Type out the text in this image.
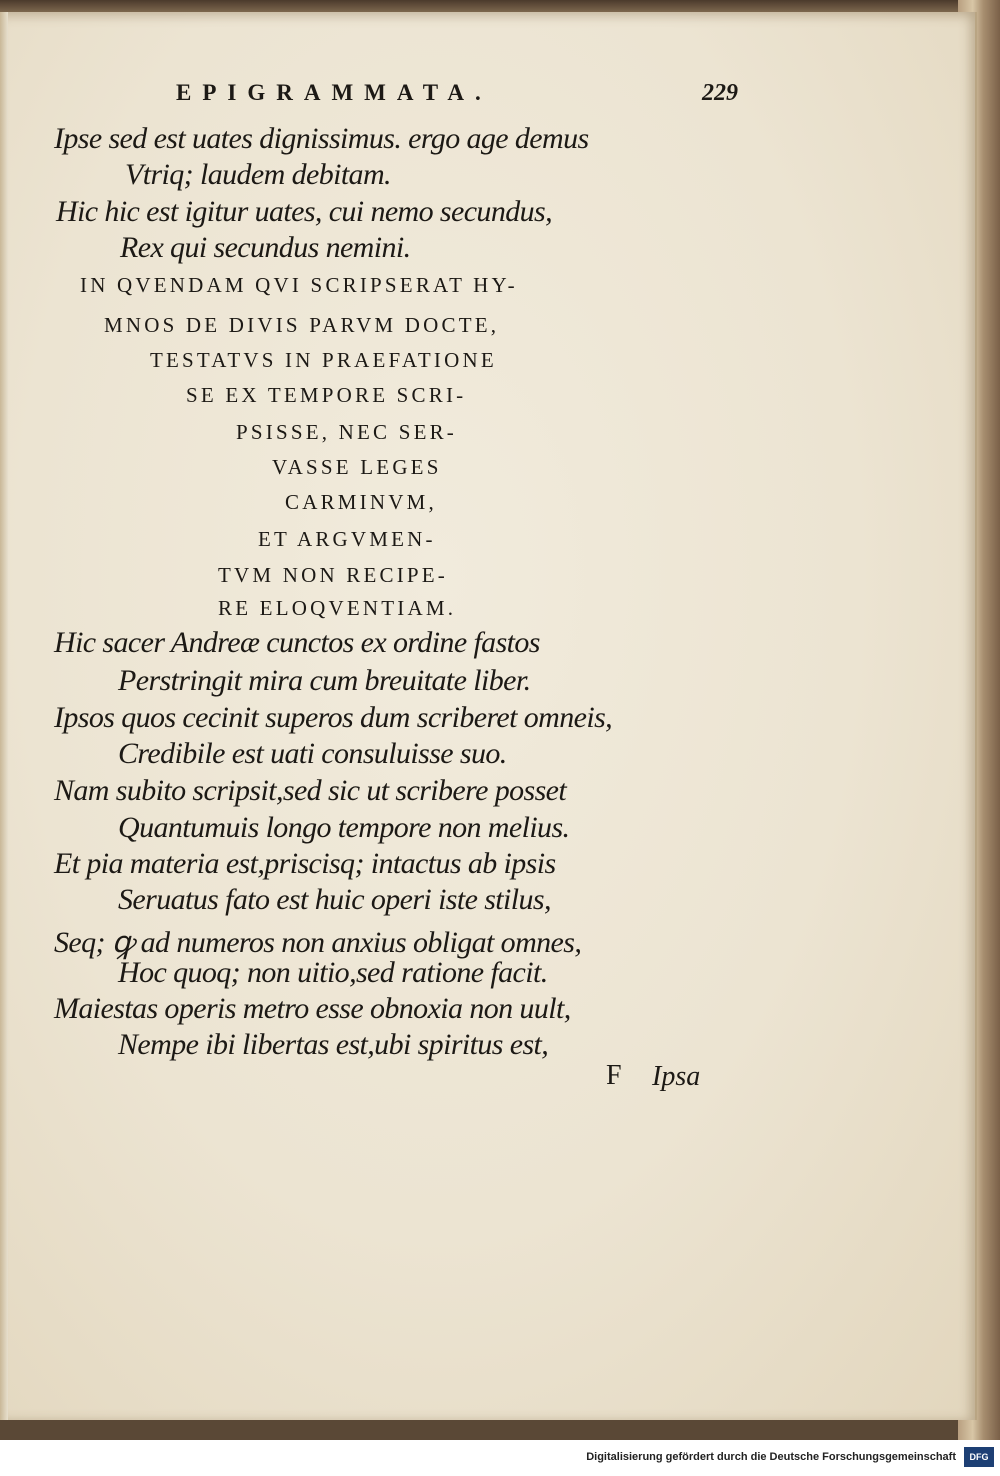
EPIGRAMMATA.	229
Ipse sed est uates dignissimus. ergo age demus
Vtriq; laudem debitam.
Hic hic est igitur uates, cui nemo secundus,
Rex qui secundus nemini.
IN QVENDAM QVI SCRIPSERAT HY-
MNOS DE DIVIS PARVM DOCTE,
TESTATVS IN PRAEFATIONE
SE EX TEMPORE SCRI-
PSISSE, NEC SER-
VASSE LEGES
CARMINVM,
ET ARGVMEN-
TVM NON RECIPE-
RE ELOQVENTIAM.
Hic sacer Andreæ cunctos ex ordine fastos
Perstringit mira cum breuitate liber.
Ipsos quos cecinit superos dum scriberet omneis,
Credibile est uati consuluisse suo.
Nam subito scripsit,sed sic ut scribere posset
Quantumuis longo tempore non melius.
Et pia materia est,priscisq; intactus ab ipsis
Seruatus fato est huic operi iste stilus,
Seq; ꝙ ad numeros non anxius obligat omnes,
Hoc quoq; non uitio,sed ratione facit.
Maiestas operis metro esse obnoxia non uult,
Nempe ibi libertas est,ubi spiritus est,
F Ipsa
Digitalisierung gefördert durch die Deutsche Forschungsgemeinschaft	DFG
